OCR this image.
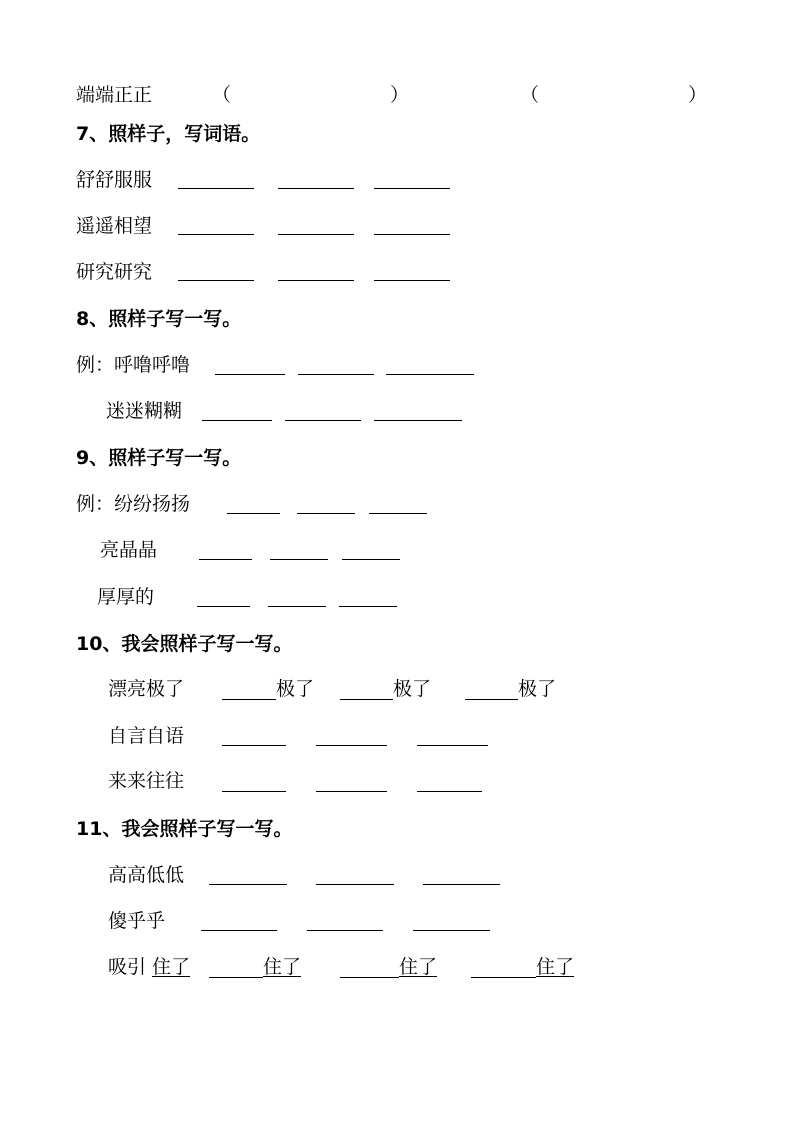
端端正正	（	）	（	）
7、照样子，写词语。
舒舒服服
遥遥相望
研究研究
8、照样子写一写。
例：呼噜呼噜
迷迷糊糊
9、照样子写一写。
例：纷纷扬扬
亮晶晶
厚厚的
10、我会照样子写一写。
漂亮极了	极了	极了	极了
自言自语
来来往往
11、我会照样子写一写。
高高低低
傻乎乎
吸引 住了	住了	住了	住了
